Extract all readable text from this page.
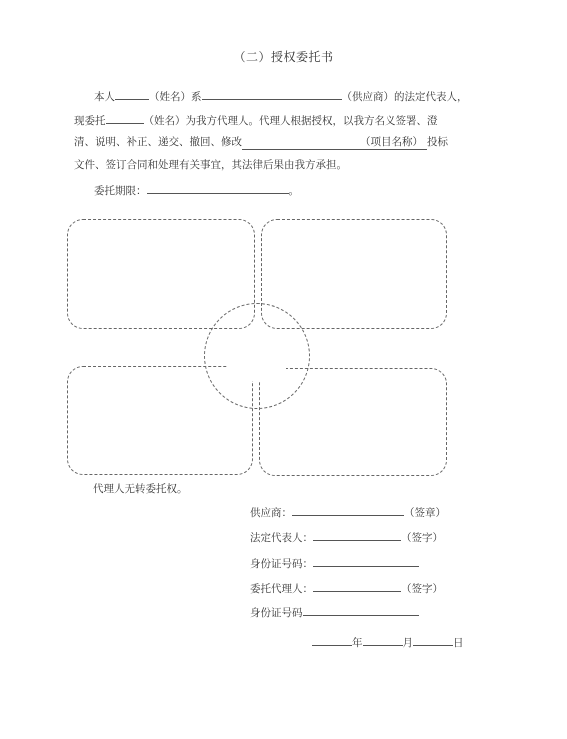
（二）授权委托书
本人	（姓名）系	（供应商）的法定代表人，
现委托	（姓名）为我方代理人。代理人根据授权，以我方名义签署、澄
清、说明、补正、递交、撤回、修改	（项目名称） 投标
文件、签订合同和处理有关事宜，其法律后果由我方承担。
委托期限：	。
代理人无转委托权。
供应商：	（签章）
法定代表人：	（签字）
身份证号码：
委托代理人：	（签字）
身份证号码
年	月	日
